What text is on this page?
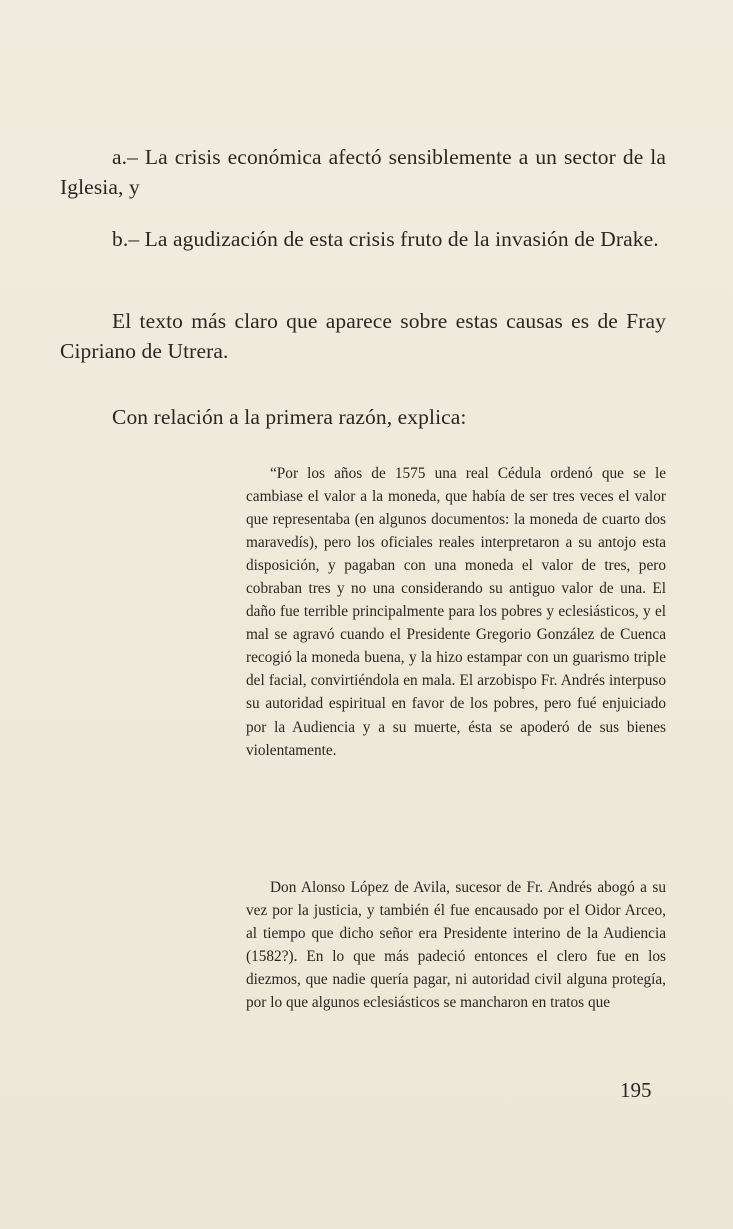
a.– La crisis económica afectó sensiblemente a un sector de la Iglesia, y

b.– La agudización de esta crisis fruto de la invasión de Drake.

El texto más claro que aparece sobre estas causas es de Fray Cipriano de Utrera.

Con relación a la primera razón, explica:

“Por los años de 1575 una real Cédula ordenó que se le cambiase el valor a la moneda, que había de ser tres veces el valor que representaba (en algunos documentos: la moneda de cuarto dos maravedís), pero los oficiales reales interpretaron a su antojo esta disposición, y pagaban con una moneda el valor de tres, pero cobraban tres y no una considerando su antiguo valor de una. El daño fue terrible principalmente para los pobres y eclesiásticos, y el mal se agravó cuando el Presidente Gregorio González de Cuenca recogió la moneda buena, y la hizo estampar con un guarismo triple del facial, convirtiéndola en mala. El arzobispo Fr. Andrés interpuso su autoridad espiritual en favor de los pobres, pero fué enjuiciado por la Audiencia y a su muerte, ésta se apoderó de sus bienes violentamente.

Don Alonso López de Avila, sucesor de Fr. Andrés abogó a su vez por la justicia, y también él fue encausado por el Oidor Arceo, al tiempo que dicho señor era Presidente interino de la Audiencia (1582?). En lo que más padeció entonces el clero fue en los diezmos, que nadie quería pagar, ni autoridad civil alguna protegía, por lo que algunos eclesiásticos se mancharon en tratos que

195
